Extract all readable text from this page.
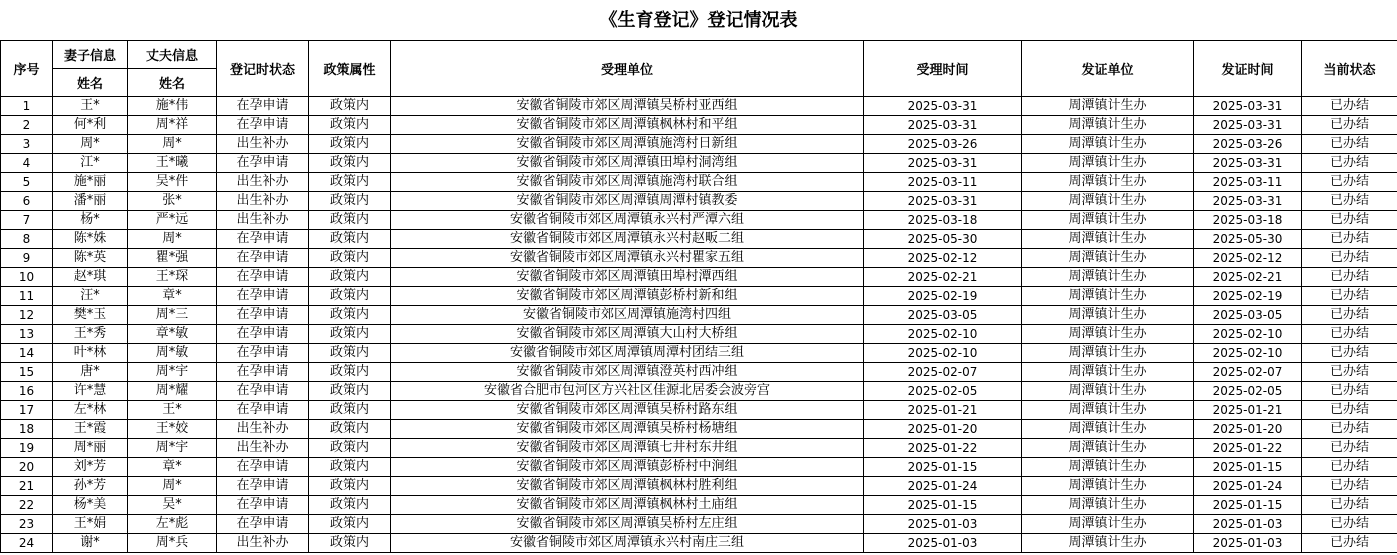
《生育登记》登记情况表
序号	妻子信息	丈夫信息	登记时状态	政策属性	受理单位	受理时间	发证单位	发证时间	当前状态
	姓名	姓名							
1	王*	施*伟	在孕申请	政策内	安徽省铜陵市郊区周潭镇吴桥村亚西组	2025-03-31	周潭镇计生办	2025-03-31	已办结
2	何*利	周*祥	在孕申请	政策内	安徽省铜陵市郊区周潭镇枫林村和平组	2025-03-31	周潭镇计生办	2025-03-31	已办结
3	周*	周*	出生补办	政策内	安徽省铜陵市郊区周潭镇施湾村日新组	2025-03-26	周潭镇计生办	2025-03-26	已办结
4	江*	王*曦	在孕申请	政策内	安徽省铜陵市郊区周潭镇田埠村洞湾组	2025-03-31	周潭镇计生办	2025-03-31	已办结
5	施*丽	吴*件	出生补办	政策内	安徽省铜陵市郊区周潭镇施湾村联合组	2025-03-11	周潭镇计生办	2025-03-11	已办结
6	潘*丽	张*	出生补办	政策内	安徽省铜陵市郊区周潭镇周潭村镇教委	2025-03-31	周潭镇计生办	2025-03-31	已办结
7	杨*	严*远	出生补办	政策内	安徽省铜陵市郊区周潭镇永兴村严潭六组	2025-03-18	周潭镇计生办	2025-03-18	已办结
8	陈*姝	周*	在孕申请	政策内	安徽省铜陵市郊区周潭镇永兴村赵畈二组	2025-05-30	周潭镇计生办	2025-05-30	已办结
9	陈*英	瞿*强	在孕申请	政策内	安徽省铜陵市郊区周潭镇永兴村瞿家五组	2025-02-12	周潭镇计生办	2025-02-12	已办结
10	赵*琪	王*琛	在孕申请	政策内	安徽省铜陵市郊区周潭镇田埠村潭西组	2025-02-21	周潭镇计生办	2025-02-21	已办结
11	汪*	章*	在孕申请	政策内	安徽省铜陵市郊区周潭镇彭桥村新和组	2025-02-19	周潭镇计生办	2025-02-19	已办结
12	樊*玉	周*三	在孕申请	政策内	安徽省铜陵市郊区周潭镇施湾村四组	2025-03-05	周潭镇计生办	2025-03-05	已办结
13	王*秀	章*敏	在孕申请	政策内	安徽省铜陵市郊区周潭镇大山村大桥组	2025-02-10	周潭镇计生办	2025-02-10	已办结
14	叶*林	周*敏	在孕申请	政策内	安徽省铜陵市郊区周潭镇周潭村团结三组	2025-02-10	周潭镇计生办	2025-02-10	已办结
15	唐*	周*宇	在孕申请	政策内	安徽省铜陵市郊区周潭镇澄英村西冲组	2025-02-07	周潭镇计生办	2025-02-07	已办结
16	许*慧	周*耀	在孕申请	政策内	安徽省合肥市包河区方兴社区佳源北居委会波旁宫	2025-02-05	周潭镇计生办	2025-02-05	已办结
17	左*林	王*	在孕申请	政策内	安徽省铜陵市郊区周潭镇吴桥村路东组	2025-01-21	周潭镇计生办	2025-01-21	已办结
18	王*霞	王*姣	出生补办	政策内	安徽省铜陵市郊区周潭镇吴桥村杨塘组	2025-01-20	周潭镇计生办	2025-01-20	已办结
19	周*丽	周*宇	出生补办	政策内	安徽省铜陵市郊区周潭镇七井村东井组	2025-01-22	周潭镇计生办	2025-01-22	已办结
20	刘*芳	章*	在孕申请	政策内	安徽省铜陵市郊区周潭镇彭桥村中涧组	2025-01-15	周潭镇计生办	2025-01-15	已办结
21	孙*芳	周*	在孕申请	政策内	安徽省铜陵市郊区周潭镇枫林村胜利组	2025-01-24	周潭镇计生办	2025-01-24	已办结
22	杨*美	吴*	在孕申请	政策内	安徽省铜陵市郊区周潭镇枫林村土庙组	2025-01-15	周潭镇计生办	2025-01-15	已办结
23	王*娟	左*彪	在孕申请	政策内	安徽省铜陵市郊区周潭镇吴桥村左庄组	2025-01-03	周潭镇计生办	2025-01-03	已办结
24	谢*	周*兵	出生补办	政策内	安徽省铜陵市郊区周潭镇永兴村南庄三组	2025-01-03	周潭镇计生办	2025-01-03	已办结
